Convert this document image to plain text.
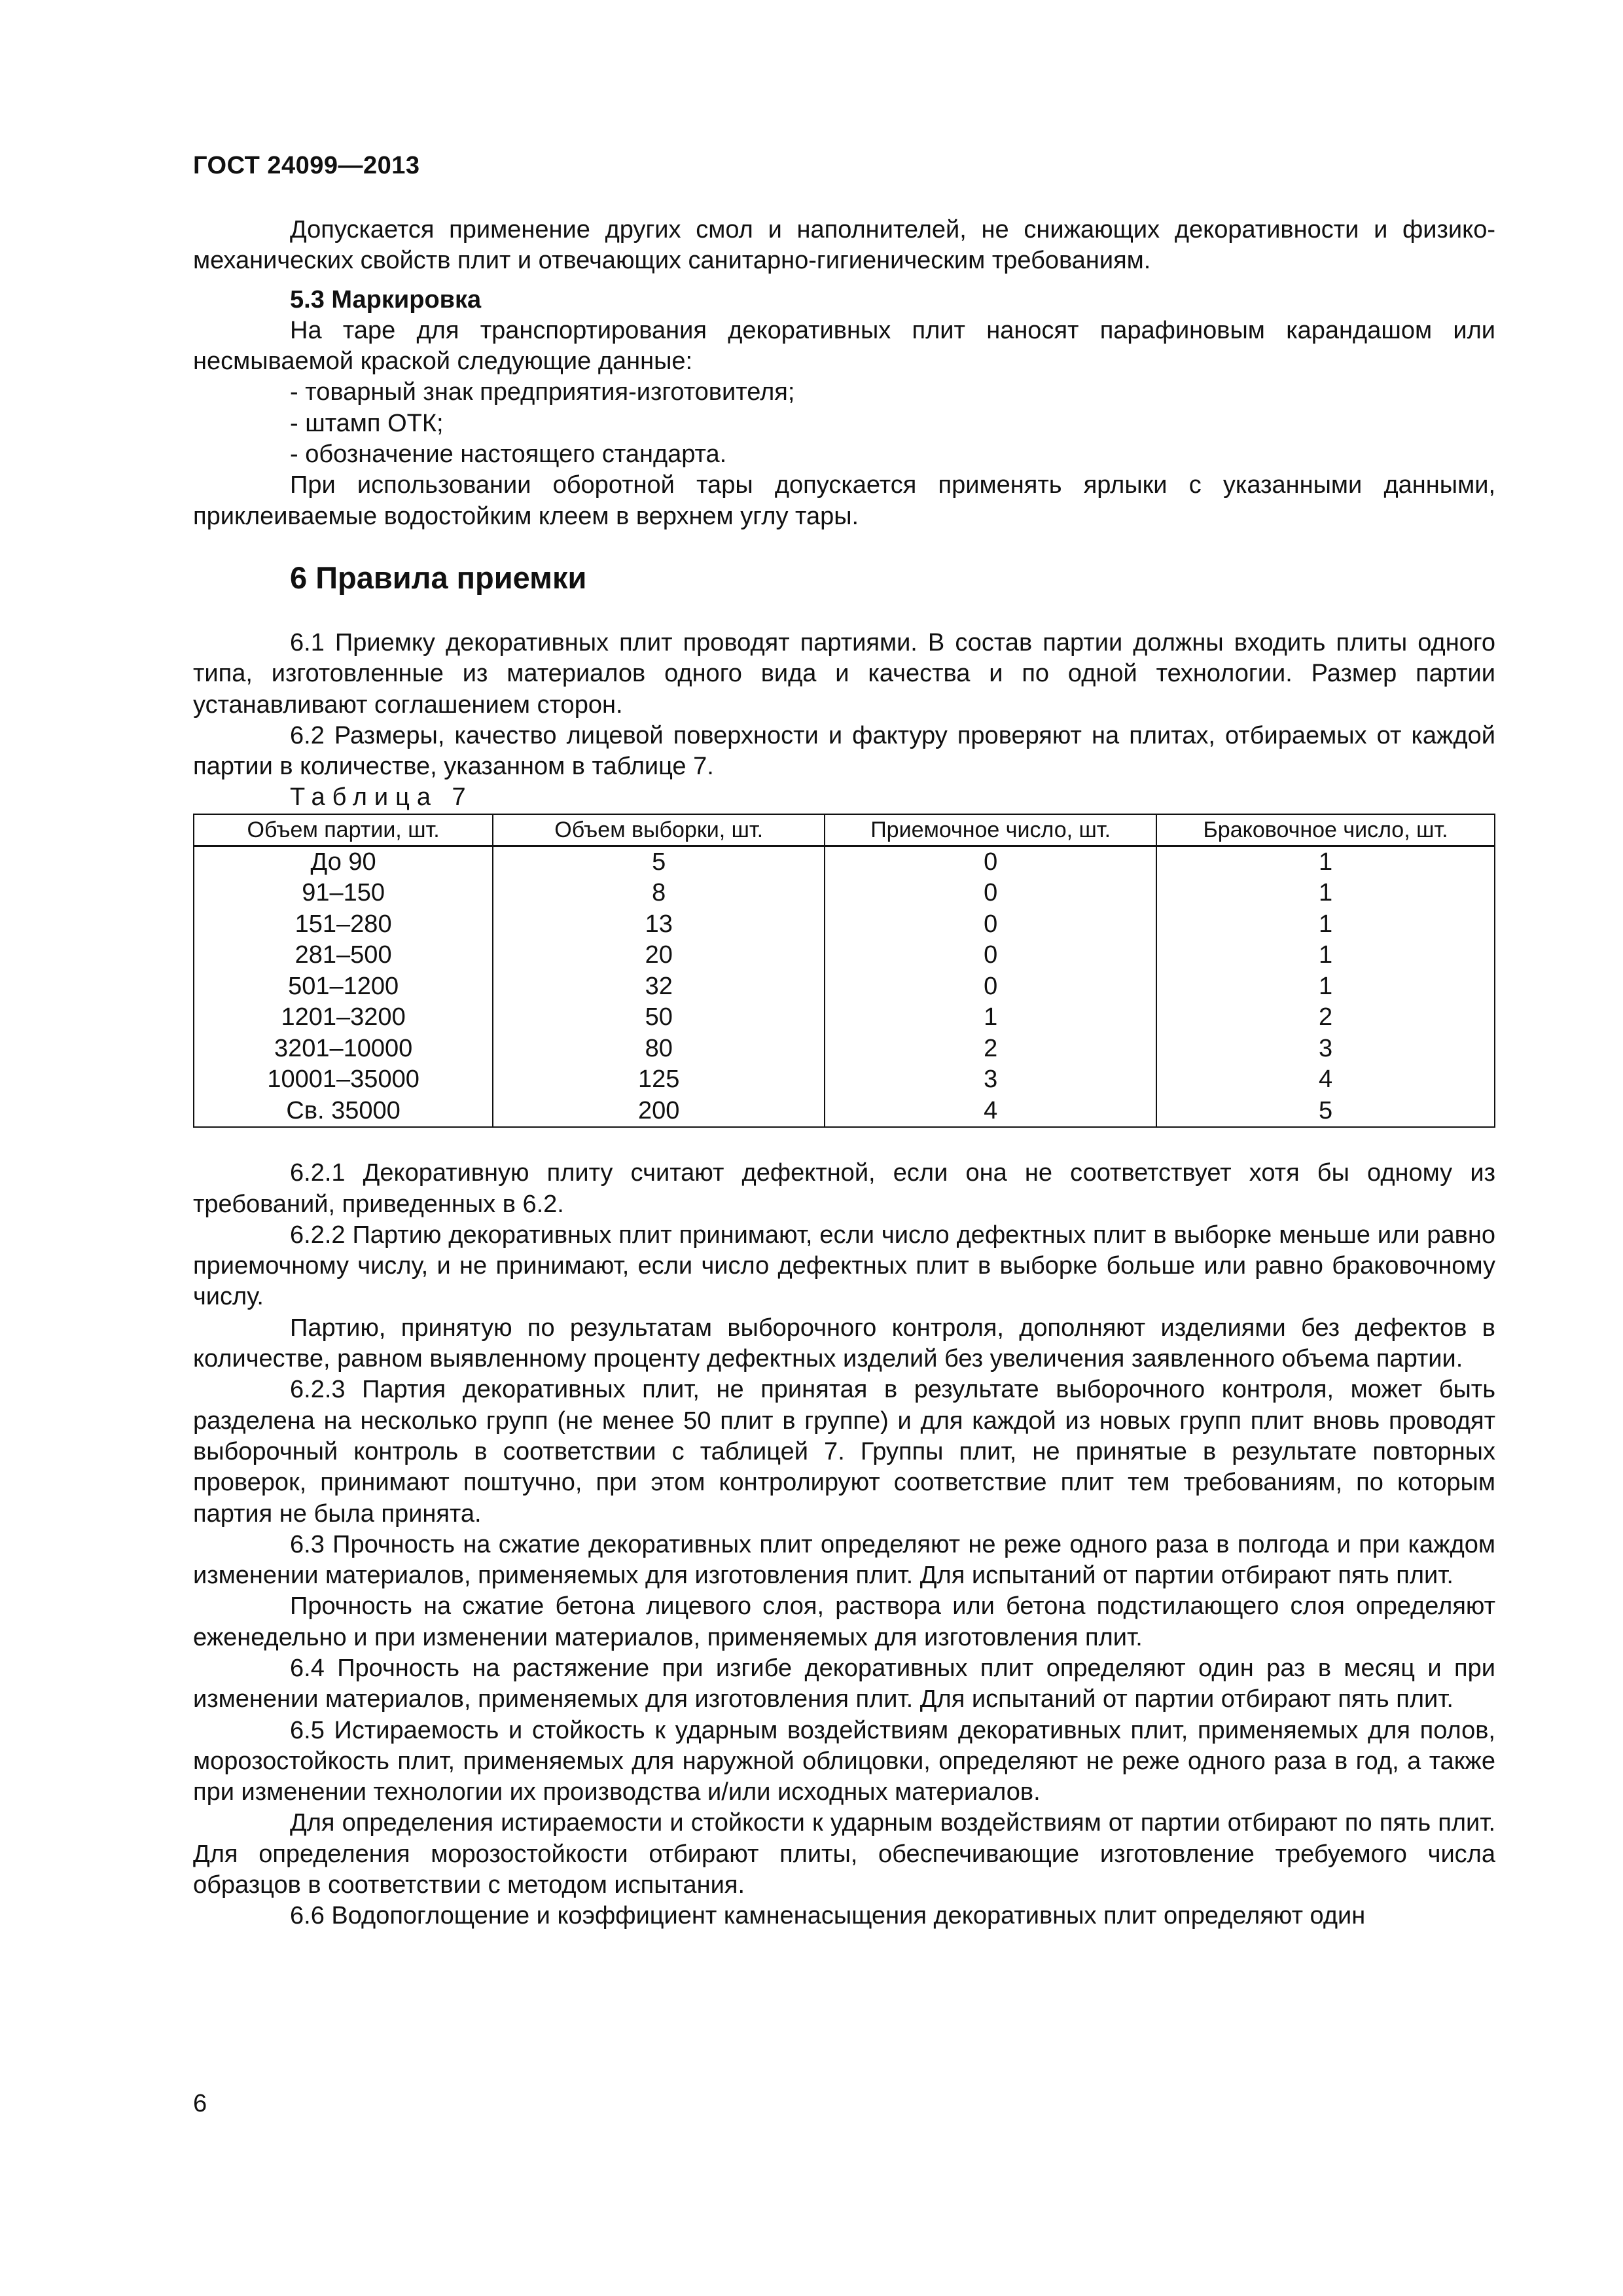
ГОСТ 24099—2013

Допускается применение других смол и наполнителей, не снижающих декоративности и физико-механических свойств плит и отвечающих санитарно-гигиеническим требованиям.

5.3 Маркировка

На таре для транспортирования декоративных плит наносят парафиновым карандашом или несмываемой краской следующие данные:

- товарный знак предприятия-изготовителя;

- штамп ОТК;

- обозначение настоящего стандарта.

При использовании оборотной тары допускается применять ярлыки с указанными данными, приклеиваемые водостойким клеем в верхнем углу тары.

6 Правила приемки

6.1 Приемку декоративных плит проводят партиями. В состав партии должны входить плиты одного типа, изготовленные из материалов одного вида и качества и по одной технологии. Размер партии устанавливают соглашением сторон.

6.2 Размеры, качество лицевой поверхности и фактуру проверяют на плитах, отбираемых от каждой партии в количестве, указанном в таблице 7.

Таблица 7

Объем партии, шт.	Объем выборки, шт.	Приемочное число, шт.	Браковочное число, шт.
До 90	5	0	1
91–150	8	0	1
151–280	13	0	1
281–500	20	0	1
501–1200	32	0	1
1201–3200	50	1	2
3201–10000	80	2	3
10001–35000	125	3	4
Св. 35000	200	4	5

6.2.1 Декоративную плиту считают дефектной, если она не соответствует хотя бы одному из требований, приведенных в 6.2.

6.2.2 Партию декоративных плит принимают, если число дефектных плит в выборке меньше или равно приемочному числу, и не принимают, если число дефектных плит в выборке больше или равно браковочному числу.

Партию, принятую по результатам выборочного контроля, дополняют изделиями без дефектов в количестве, равном выявленному проценту дефектных изделий без увеличения заявленного объема партии.

6.2.3 Партия декоративных плит, не принятая в результате выборочного контроля, может быть разделена на несколько групп (не менее 50 плит в группе) и для каждой из новых групп плит вновь проводят выборочный контроль в соответствии с таблицей 7. Группы плит, не принятые в результате повторных проверок, принимают поштучно, при этом контролируют соответствие плит тем требованиям, по которым партия не была принята.

6.3 Прочность на сжатие декоративных плит определяют не реже одного раза в полгода и при каждом изменении материалов, применяемых для изготовления плит. Для испытаний от партии отбирают пять плит.

Прочность на сжатие бетона лицевого слоя, раствора или бетона подстилающего слоя определяют еженедельно и при изменении материалов, применяемых для изготовления плит.

6.4 Прочность на растяжение при изгибе декоративных плит определяют один раз в месяц и при изменении материалов, применяемых для изготовления плит. Для испытаний от партии отбирают пять плит.

6.5 Истираемость и стойкость к ударным воздействиям декоративных плит, применяемых для полов, морозостойкость плит, применяемых для наружной облицовки, определяют не реже одного раза в год, а также при изменении технологии их производства и/или исходных материалов.

Для определения истираемости и стойкости к ударным воздействиям от партии отбирают по пять плит. Для определения морозостойкости отбирают плиты, обеспечивающие изготовление требуемого числа образцов в соответствии с методом испытания.

6.6 Водопоглощение и коэффициент камненасыщения декоративных плит определяют один

6
